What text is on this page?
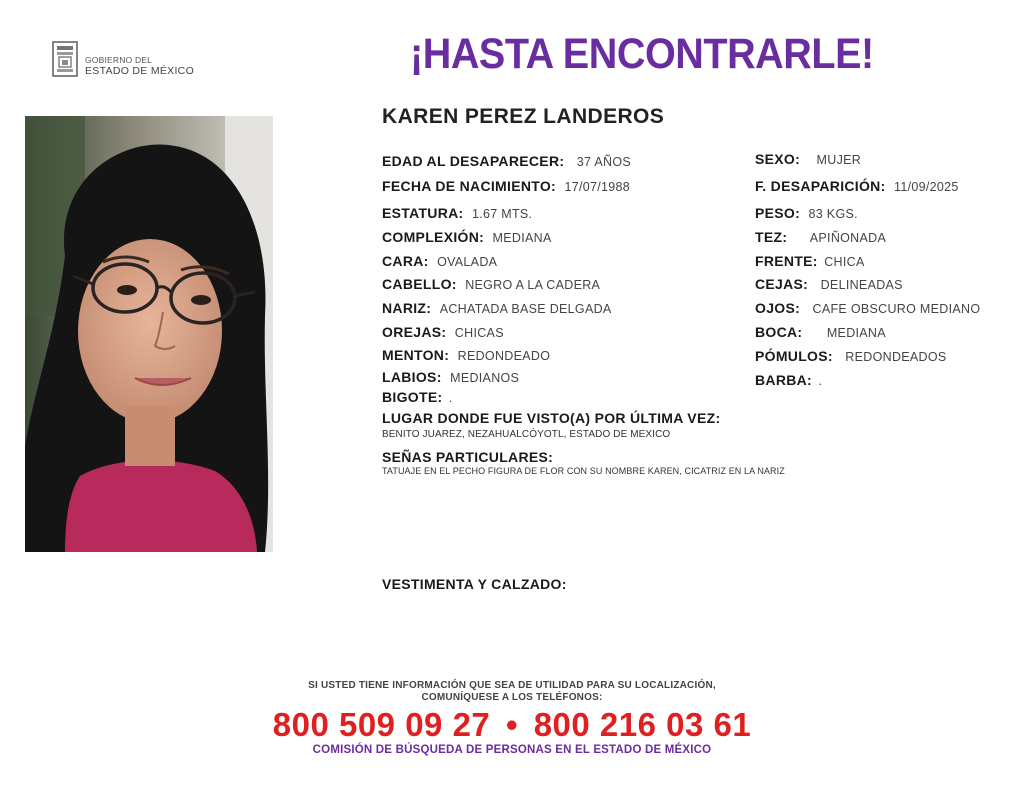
GOBIERNO DEL
ESTADO DE MÉXICO	¡HASTA ENCONTRARLE!
KAREN PEREZ LANDEROS
EDAD AL DESAPARECER: 37 AÑOS
FECHA DE NACIMIENTO: 17/07/1988
ESTATURA: 1.67 MTS.
COMPLEXIÓN: MEDIANA
CARA: OVALADA
CABELLO: NEGRO A LA CADERA
NARIZ: ACHATADA BASE DELGADA
OREJAS: CHICAS
MENTON: REDONDEADO
LABIOS: MEDIANOS
BIGOTE: .
SEXO: MUJER
F. DESAPARICIÓN: 11/09/2025
PESO: 83 KGS.
TEZ: APIÑONADA
FRENTE: CHICA
CEJAS: DELINEADAS
OJOS: CAFE OBSCURO MEDIANO
BOCA: MEDIANA
PÓMULOS: REDONDEADOS
BARBA: .
LUGAR DONDE FUE VISTO(A) POR ÚLTIMA VEZ:
BENITO JUAREZ, NEZAHUALCÓYOTL, ESTADO DE MEXICO
SEÑAS PARTICULARES:
TATUAJE EN EL PECHO FIGURA DE FLOR CON SU NOMBRE KAREN, CICATRIZ EN LA NARIZ
VESTIMENTA Y CALZADO:
SI USTED TIENE INFORMACIÓN QUE SEA DE UTILIDAD PARA SU LOCALIZACIÓN,
COMUNÍQUESE A LOS TELÉFONOS:
800 509 09 27 • 800 216 03 61
COMISIÓN DE BÚSQUEDA DE PERSONAS EN EL ESTADO DE MÉXICO
